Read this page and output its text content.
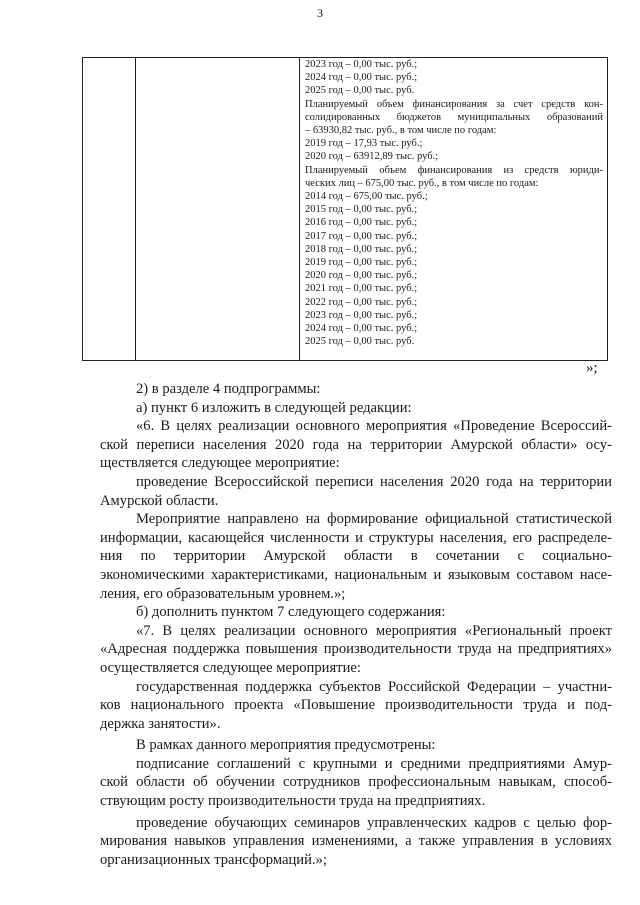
3
2023 год – 0,00 тыс. руб.;
2024 год – 0,00 тыс. руб.;
2025 год – 0,00 тыс. руб.
Планируемый объем финансирования за счет средств кон-
солидированных бюджетов муниципальных образований
– 63930,82 тыс. руб., в том числе по годам:
2019 год – 17,93 тыс. руб.;
2020 год – 63912,89 тыс. руб.;
Планируемый объем финансирования из средств юриди-
ческих лиц – 675,00 тыс. руб., в том числе по годам:
2014 год – 675,00 тыс. руб.;
2015 год – 0,00 тыс. руб.;
2016 год – 0,00 тыс. руб.;
2017 год – 0,00 тыс. руб.;
2018 год – 0,00 тыс. руб.;
2019 год – 0,00 тыс. руб.;
2020 год – 0,00 тыс. руб.;
2021 год – 0,00 тыс. руб.;
2022 год – 0,00 тыс. руб.;
2023 год – 0,00 тыс. руб.;
2024 год – 0,00 тыс. руб.;
2025 год – 0,00 тыс. руб.
»;

2) в разделе 4 подпрограммы:

а) пункт 6 изложить в следующей редакции:

«6. В целях реализации основного мероприятия «Проведение Всероссий-

ской переписи населения 2020 года на территории Амурской области» осу-

ществляется следующее мероприятие:

проведение Всероссийской переписи населения 2020 года на территории

Амурской области.

Мероприятие направлено на формирование официальной статистической

информации, касающейся численности и структуры населения, его распределе-

ния по территории Амурской области в сочетании с социально-

экономическими характеристиками, национальным и языковым составом насе-

ления, его образовательным уровнем.»;

б) дополнить пунктом 7 следующего содержания:

«7. В целях реализации основного мероприятия «Региональный проект

«Адресная поддержка повышения производительности труда на предприятиях»

осуществляется следующее мероприятие:

государственная поддержка субъектов Российской Федерации – участни-

ков национального проекта «Повышение производительности труда и под-

держка занятости».

В рамках данного мероприятия предусмотрены:

подписание соглашений с крупными и средними предприятиями Амур-

ской области об обучении сотрудников профессиональным навыкам, способ-

ствующим росту производительности труда на предприятиях.

проведение обучающих семинаров управленческих кадров с целью фор-

мирования навыков управления изменениями, а также управления в условиях

организационных трансформаций.»;
